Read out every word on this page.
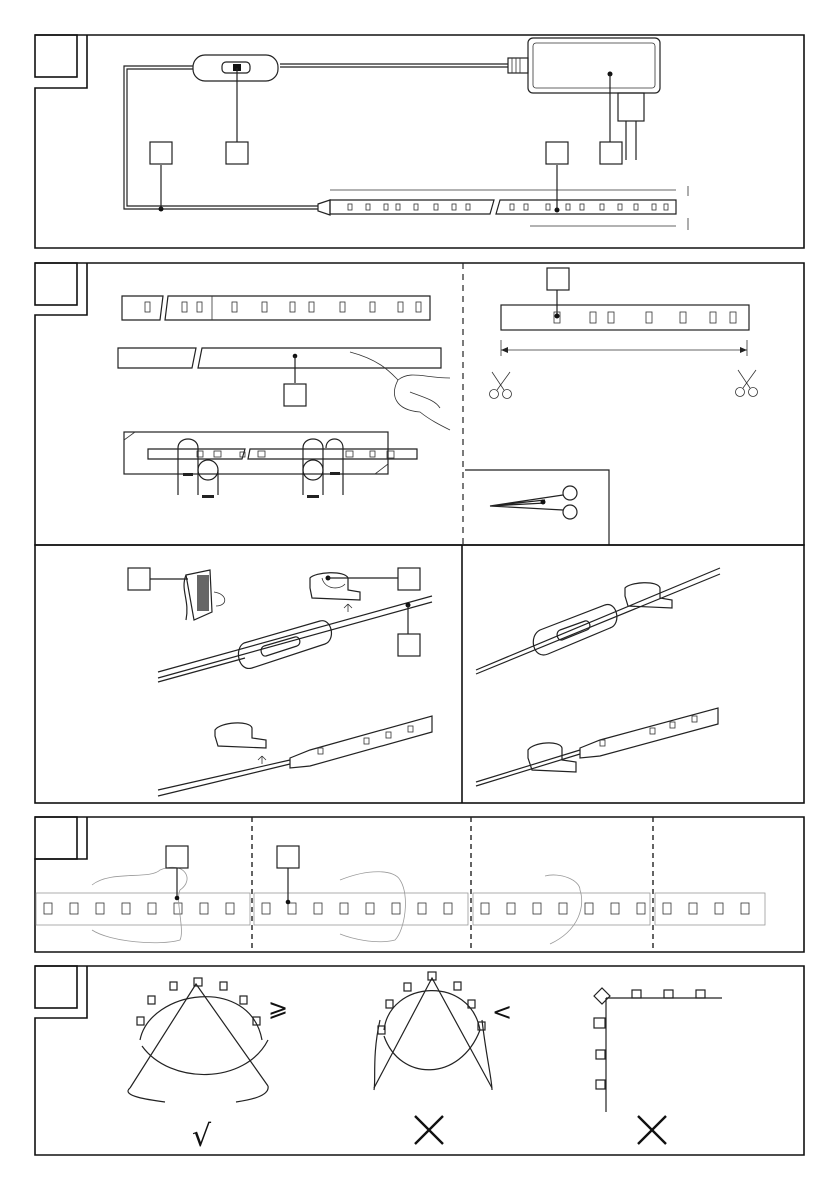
⩾
√
<
